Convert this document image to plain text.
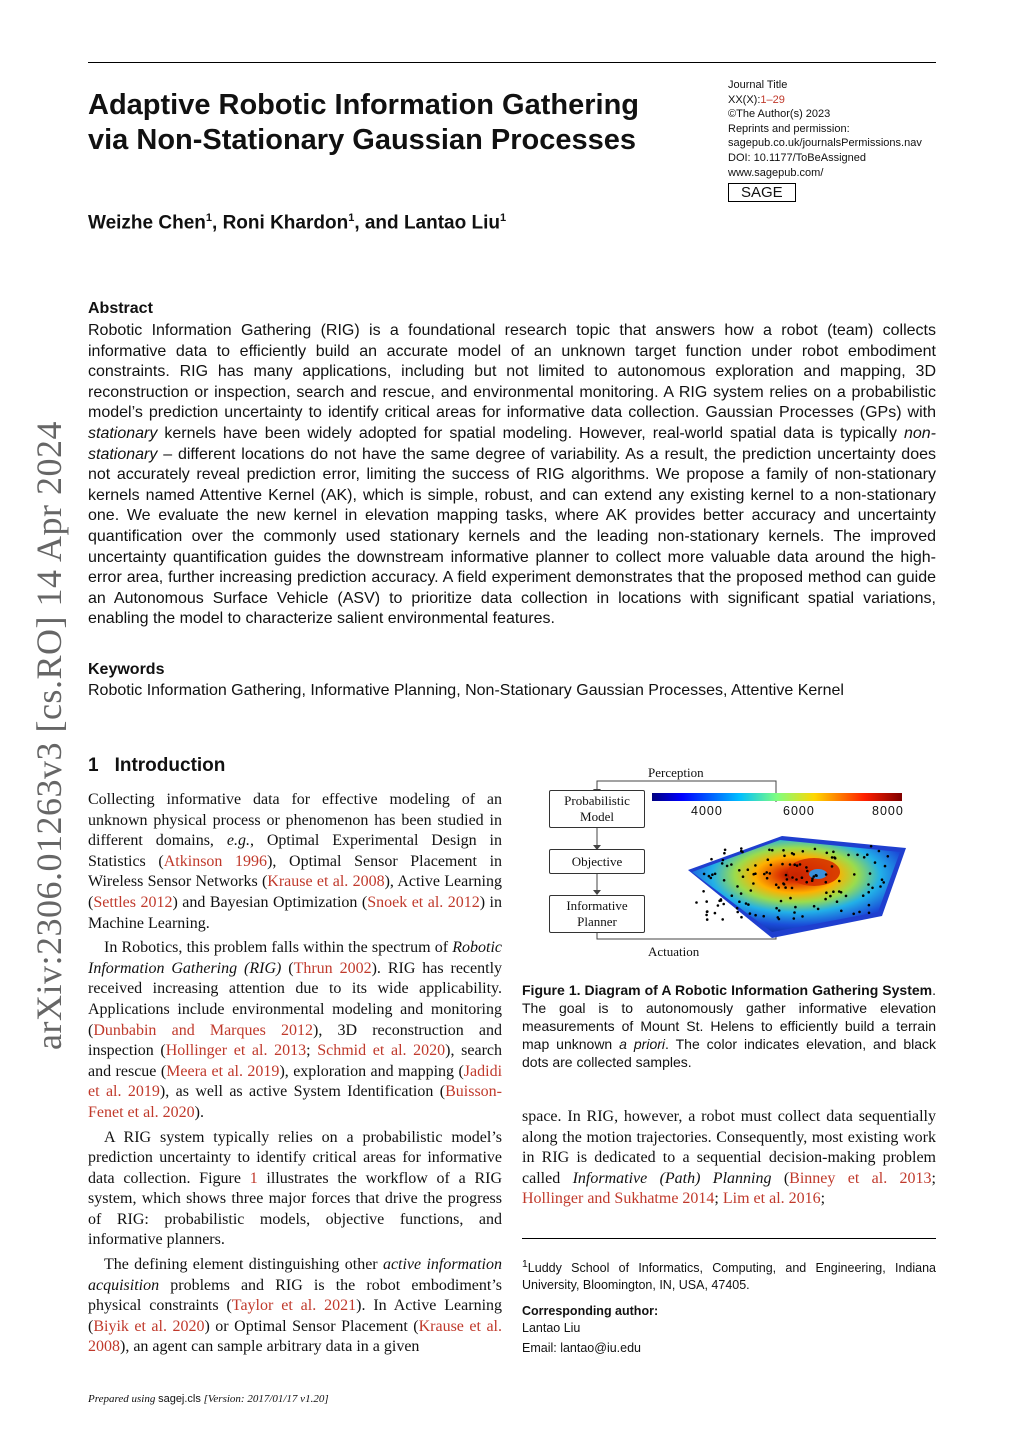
Adaptive Robotic Information Gathering
via Non-Stationary Gaussian Processes
Weizhe Chen$^1$, Roni Khardon$^1$, and Lantao Liu$^1$
Journal Title
XX(X):1–29
©The Author(s) 2023
Reprints and permission:
sagepub.co.uk/journalsPermissions.nav
DOI: 10.1177/ToBeAssigned
www.sagepub.com/
SAGE
arXiv:2306.01263v3 [cs.RO] 14 Apr 2024
Abstract
Robotic Information Gathering (RIG) is a foundational research topic that answers how a robot (team) collects informative data to efficiently build an accurate model of an unknown target function under robot embodiment constraints. RIG has many applications, including but not limited to autonomous exploration and mapping, 3D reconstruction or inspection, search and rescue, and environmental monitoring. A RIG system relies on a probabilistic model’s prediction uncertainty to identify critical areas for informative data collection. Gaussian Processes (GPs) with stationary kernels have been widely adopted for spatial modeling. However, real-world spatial data is typically non-stationary – different locations do not have the same degree of variability. As a result, the prediction uncertainty does not accurately reveal prediction error, limiting the success of RIG algorithms. We propose a family of non-stationary kernels named Attentive Kernel (AK), which is simple, robust, and can extend any existing kernel to a non-stationary one. We evaluate the new kernel in elevation mapping tasks, where AK provides better accuracy and uncertainty quantification over the commonly used stationary kernels and the leading non-stationary kernels. The improved uncertainty quantification guides the downstream informative planner to collect more valuable data around the high-error area, further increasing prediction accuracy. A field experiment demonstrates that the proposed method can guide an Autonomous Surface Vehicle (ASV) to prioritize data collection in locations with significant spatial variations, enabling the model to characterize salient environmental features.
Keywords
Robotic Information Gathering, Informative Planning, Non-Stationary Gaussian Processes, Attentive Kernel
1 Introduction

Collecting informative data for effective modeling of an unknown physical process or phenomenon has been studied in different domains, e.g., Optimal Experimental Design in Statistics (Atkinson 1996), Optimal Sensor Placement in Wireless Sensor Networks (Krause et al. 2008), Active Learning (Settles 2012) and Bayesian Optimization (Snoek et al. 2012) in Machine Learning.

In Robotics, this problem falls within the spectrum of Robotic Information Gathering (RIG) (Thrun 2002). RIG has recently received increasing attention due to its wide applicability. Applications include environmental modeling and monitoring (Dunbabin and Marques 2012), 3D reconstruction and inspection (Hollinger et al. 2013; Schmid et al. 2020), search and rescue (Meera et al. 2019), exploration and mapping (Jadidi et al. 2019), as well as active System Identification (Buisson-Fenet et al. 2020).

A RIG system typically relies on a probabilistic model’s prediction uncertainty to identify critical areas for informative data collection. Figure 1 illustrates the workflow of a RIG system, which shows three major forces that drive the progress of RIG: probabilistic models, objective functions, and informative planners.

The defining element distinguishing other active information acquisition problems and RIG is the robot embodiment’s physical constraints (Taylor et al. 2021). In Active Learning (Biyik et al. 2020) or Optimal Sensor Placement (Krause et al. 2008), an agent can sample arbitrary data in a given

Perception
Probabilistic Model
Objective
Informative Planner
Actuation
4000	6000	8000
Figure 1. Diagram of A Robotic Information Gathering System. The goal is to autonomously gather informative elevation measurements of Mount St. Helens to efficiently build a terrain map unknown a priori. The color indicates elevation, and black dots are collected samples.
space. In RIG, however, a robot must collect data sequentially along the motion trajectories. Consequently, most existing work in RIG is dedicated to a sequential decision-making problem called Informative (Path) Planning (Binney et al. 2013; Hollinger and Sukhatme 2014; Lim et al. 2016;
$^1$Luddy School of Informatics, Computing, and Engineering, Indiana University, Bloomington, IN, USA, 47405.
Corresponding author:
Lantao Liu
Email: lantao@iu.edu
Prepared using sagej.cls [Version: 2017/01/17 v1.20]
